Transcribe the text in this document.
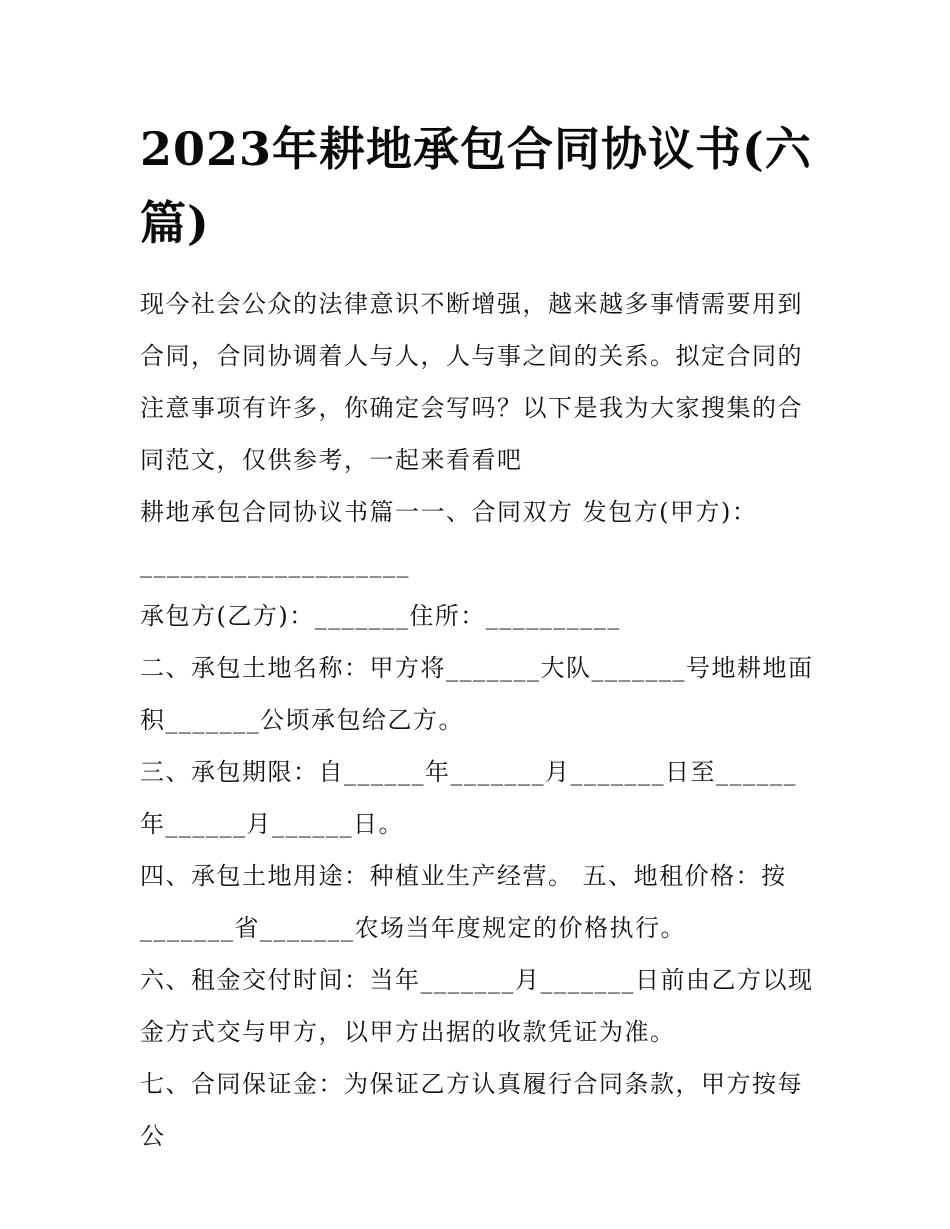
2023年耕地承包合同协议书(六篇)

现今社会公众的法律意识不断增强，越来越多事情需要用到合同，合同协调着人与人，人与事之间的关系。拟定合同的注意事项有许多，你确定会写吗？以下是我为大家搜集的合同范文，仅供参考，一起来看看吧

耕地承包合同协议书篇一一、合同双方 发包方(甲方)：____________________

承包方(乙方)：_______住所：__________

二、承包土地名称：甲方将_______大队_______号地耕地面积_______公顷承包给乙方。

三、承包期限：自______年_______月_______日至______年______月______日。

四、承包土地用途：种植业生产经营。 五、地租价格：按_______省_______农场当年度规定的价格执行。

六、租金交付时间：当年_______月_______日前由乙方以现金方式交与甲方，以甲方出据的收款凭证为准。

七、合同保证金：为保证乙方认真履行合同条款，甲方按每公
